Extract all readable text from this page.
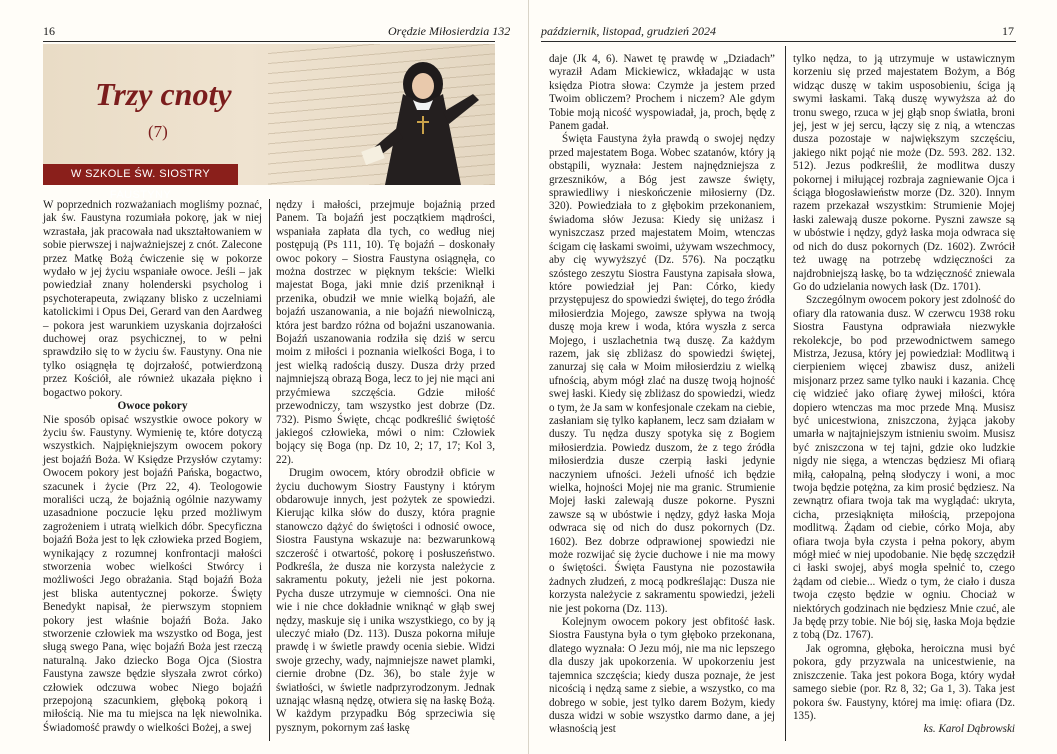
16	Orędzie Miłosierdzia 132
Trzy cnoty
(7)
W SZKOLE ŚW. SIOSTRY FAUSTYNY

W poprzednich rozważaniach mogliśmy poznać, jak św. Faustyna rozumiała pokorę, jak w niej wzrastała, jak pracowała nad ukształtowaniem w sobie pierwszej i najważniejszej z cnót. Zalecone przez Matkę Bożą ćwiczenie się w pokorze wydało w jej życiu wspaniałe owoce. Jeśli – jak powiedział znany holenderski psycholog i psychoterapeuta, związany blisko z uczelniami katolickimi i Opus Dei, Gerard van den Aardweg – pokora jest warunkiem uzyskania dojrzałości duchowej oraz psychicznej, to w pełni sprawdziło się to w życiu św. Faustyny. Ona nie tylko osiągnęła tę dojrzałość, potwierdzoną przez Kościół, ale również ukazała piękno i bogactwo pokory.

Owoce pokory

Nie sposób opisać wszystkie owoce pokory w życiu św. Faustyny. Wymienię te, które dotyczą wszystkich. Najpiękniejszym owocem pokory jest bojaźń Boża. W Księdze Przysłów czytamy: Owocem pokory jest bojaźń Pańska, bogactwo, szacunek i życie (Prz 22, 4). Teologowie moraliści uczą, że bojaźnią ogólnie nazywamy uzasadnione poczucie lęku przed możliwym zagrożeniem i utratą wielkich dóbr. Specyficzna bojaźń Boża jest to lęk człowieka przed Bogiem, wynikający z rozumnej konfrontacji małości stworzenia wobec wielkości Stwórcy i możliwości Jego obrażania. Stąd bojaźń Boża jest bliska autentycznej pokorze. Święty Benedykt napisał, że pierwszym stopniem pokory jest właśnie bojaźń Boża. Jako stworzenie człowiek ma wszystko od Boga, jest sługą swego Pana, więc bojaźń Boża jest rzeczą naturalną. Jako dziecko Boga Ojca (Siostra Faustyna zawsze będzie słyszała zwrot córko) człowiek odczuwa wobec Niego bojaźń przepojoną szacunkiem, głęboką pokorą i miłością. Nie ma tu miejsca na lęk niewolnika. Świadomość prawdy o wielkości Bożej, a swej

nędzy i małości, przejmuje bojaźnią przed Panem. Ta bojaźń jest początkiem mądrości, wspaniała zapłata dla tych, co według niej postępują (Ps 111, 10). Tę bojaźń – doskonały owoc pokory – Siostra Faustyna osiągnęła, co można dostrzec w pięknym tekście: Wielki majestat Boga, jaki mnie dziś przeniknął i przenika, obudził we mnie wielką bojaźń, ale bojaźń uszanowania, a nie bojaźń niewolniczą, która jest bardzo różna od bojaźni uszanowania. Bojaźń uszanowania rodziła się dziś w sercu moim z miłości i poznania wielkości Boga, i to jest wielką radością duszy. Dusza drży przed najmniejszą obrazą Boga, lecz to jej nie mąci ani przyćmiewa szczęścia. Gdzie miłość przewodniczy, tam wszystko jest dobrze (Dz. 732). Pismo Święte, chcąc podkreślić świętość jakiegoś człowieka, mówi o nim: Człowiek bojący się Boga (np. Dz 10, 2; 17, 17; Kol 3, 22).

Drugim owocem, który obrodził obficie w życiu duchowym Siostry Faustyny i którym obdarowuje innych, jest pożytek ze spowiedzi. Kierując kilka słów do duszy, która pragnie stanowczo dążyć do świętości i odnosić owoce, Siostra Faustyna wskazuje na: bezwarunkową szczerość i otwartość, pokorę i posłuszeństwo. Podkreśla, że dusza nie korzysta należycie z sakramentu pokuty, jeżeli nie jest pokorna. Pycha dusze utrzymuje w ciemności. Ona nie wie i nie chce dokładnie wniknąć w głąb swej nędzy, maskuje się i unika wszystkiego, co by ją uleczyć miało (Dz. 113). Dusza pokorna miłuje prawdę i w świetle prawdy ocenia siebie. Widzi swoje grzechy, wady, najmniejsze nawet plamki, ciernie drobne (Dz. 36), bo stale żyje w światłości, w świetle nadprzyrodzonym. Jednak uznając własną nędzę, otwiera się na łaskę Bożą. W każdym przypadku Bóg sprzeciwia się pysznym, pokornym zaś łaskę

październik, listopad, grudzień 2024	17

daje (Jk 4, 6). Nawet tę prawdę w „Dziadach” wyraził Adam Mickiewicz, wkładając w usta księdza Piotra słowa: Czymże ja jestem przed Twoim obliczem? Prochem i niczem? Ale gdym Tobie moją nicość wyspowiadał, ja, proch, będę z Panem gadał.

Święta Faustyna żyła prawdą o swojej nędzy przed majestatem Boga. Wobec szatanów, który ją obstąpili, wyznała: Jestem najnędzniejsza z grzeszników, a Bóg jest zawsze święty, sprawiedliwy i nieskończenie miłosierny (Dz. 320). Powiedziała to z głębokim przekonaniem, świadoma słów Jezusa: Kiedy się uniżasz i wyniszczasz przed majestatem Moim, wtenczas ścigam cię łaskami swoimi, używam wszechmocy, aby cię wywyższyć (Dz. 576). Na początku szóstego zeszytu Siostra Faustyna zapisała słowa, które powiedział jej Pan: Córko, kiedy przystępujesz do spowiedzi świętej, do tego źródła miłosierdzia Mojego, zawsze spływa na twoją duszę moja krew i woda, która wyszła z serca Mojego, i uszlachetnia twą duszę. Za każdym razem, jak się zbliżasz do spowiedzi świętej, zanurzaj się cała w Moim miłosierdziu z wielką ufnością, abym mógł zlać na duszę twoją hojność swej łaski. Kiedy się zbliżasz do spowiedzi, wiedz o tym, że Ja sam w konfesjonale czekam na ciebie, zasłaniam się tylko kapłanem, lecz sam działam w duszy. Tu nędza duszy spotyka się z Bogiem miłosierdzia. Powiedz duszom, że z tego źródła miłosierdzia dusze czerpią łaski jedynie naczyniem ufności. Jeżeli ufność ich będzie wielka, hojności Mojej nie ma granic. Strumienie Mojej łaski zalewają dusze pokorne. Pyszni zawsze są w ubóstwie i nędzy, gdyż łaska Moja odwraca się od nich do dusz pokornych (Dz. 1602). Bez dobrze odprawionej spowiedzi nie może rozwijać się życie duchowe i nie ma mowy o świętości. Święta Faustyna nie pozostawiła żadnych złudzeń, z mocą podkreślając: Dusza nie korzysta należycie z sakramentu spowiedzi, jeżeli nie jest pokorna (Dz. 113).

Kolejnym owocem pokory jest obfitość łask. Siostra Faustyna była o tym głęboko przekonana, dlatego wyznała: O Jezu mój, nie ma nic lepszego dla duszy jak upokorzenia. W upokorzeniu jest tajemnica szczęścia; kiedy dusza poznaje, że jest nicością i nędzą same z siebie, a wszystko, co ma dobrego w sobie, jest tylko darem Bożym, kiedy dusza widzi w sobie wszystko darmo dane, a jej własnością jest

tylko nędza, to ją utrzymuje w ustawicznym korzeniu się przed majestatem Bożym, a Bóg widząc duszę w takim usposobieniu, ściga ją swymi łaskami. Taką duszę wywyższa aż do tronu swego, rzuca w jej głąb snop światła, broni jej, jest w jej sercu, łączy się z nią, a wtenczas dusza pozostaje w największym szczęściu, jakiego nikt pojąć nie może (Dz. 593. 282. 132. 512). Jezus podkreślił, że modlitwa duszy pokornej i miłującej rozbraja zagniewanie Ojca i ściąga błogosławieństw morze (Dz. 320). Innym razem przekazał wszystkim: Strumienie Mojej łaski zalewają dusze pokorne. Pyszni zawsze są w ubóstwie i nędzy, gdyż łaska moja odwraca się od nich do dusz pokornych (Dz. 1602). Zwrócił też uwagę na potrzebę wdzięczności za najdrobniejszą łaskę, bo ta wdzięczność zniewala Go do udzielania nowych łask (Dz. 1701).

Szczególnym owocem pokory jest zdolność do ofiary dla ratowania dusz. W czerwcu 1938 roku Siostra Faustyna odprawiała niezwykłe rekolekcje, bo pod przewodnictwem samego Mistrza, Jezusa, który jej powiedział: Modlitwą i cierpieniem więcej zbawisz dusz, aniżeli misjonarz przez same tylko nauki i kazania. Chcę cię widzieć jako ofiarę żywej miłości, która dopiero wtenczas ma moc przede Mną. Musisz być unicestwiona, zniszczona, żyjąca jakoby umarła w najtajniejszym istnieniu swoim. Musisz być zniszczona w tej tajni, gdzie oko ludzkie nigdy nie sięga, a wtenczas będziesz Mi ofiarą miłą, całopalną, pełną słodyczy i woni, a moc twoja będzie potężna, za kim prosić będziesz. Na zewnątrz ofiara twoja tak ma wyglądać: ukryta, cicha, przesiąknięta miłością, przepojona modlitwą. Żądam od ciebie, córko Moja, aby ofiara twoja była czysta i pełna pokory, abym mógł mieć w niej upodobanie. Nie będę szczędził ci łaski swojej, abyś mogła spełnić to, czego żądam od ciebie... Wiedz o tym, że ciało i dusza twoja często będzie w ogniu. Chociaż w niektórych godzinach nie będziesz Mnie czuć, ale Ja będę przy tobie. Nie bój się, łaska Moja będzie z tobą (Dz. 1767).

Jak ogromna, głęboka, heroiczna musi być pokora, gdy przyzwala na unicestwienie, na zniszczenie. Taka jest pokora Boga, który wydał samego siebie (por. Rz 8, 32; Ga 1, 3). Taka jest pokora św. Faustyny, której ma imię: ofiara (Dz. 135).

ks. Karol Dąbrowski
